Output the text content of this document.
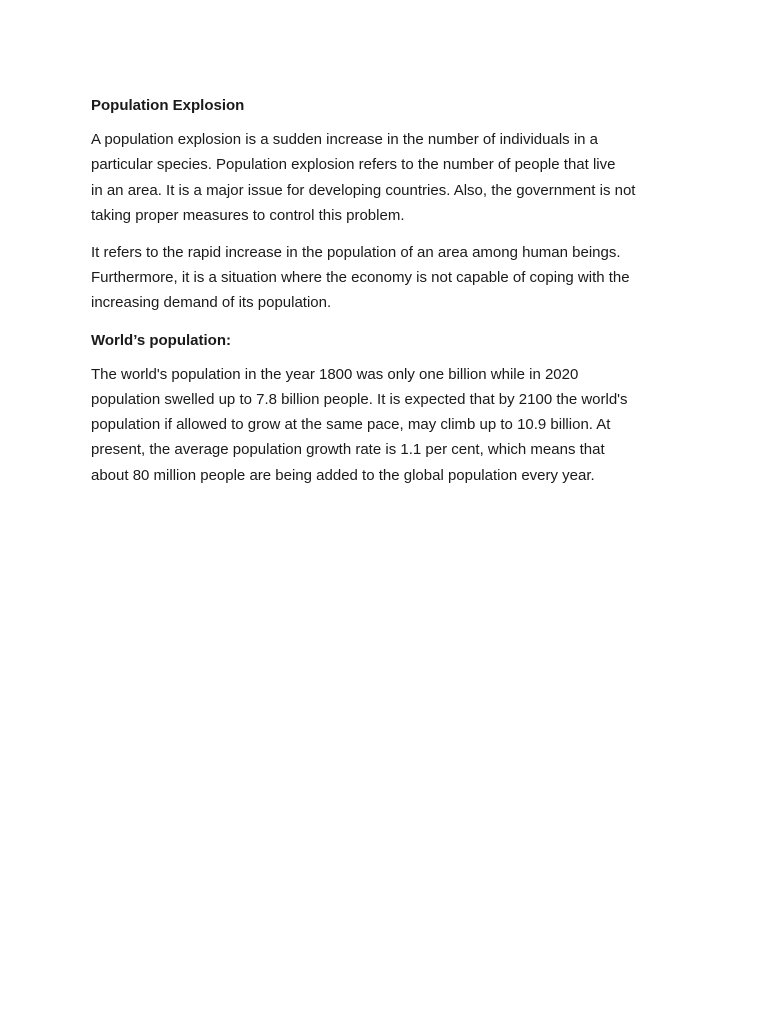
Population Explosion
A population explosion is a sudden increase in the number of individuals in a
particular species. Population explosion refers to the number of people that live
in an area. It is a major issue for developing countries. Also, the government is not
taking proper measures to control this problem.
It refers to the rapid increase in the population of an area among human beings.
Furthermore, it is a situation where the economy is not capable of coping with the
increasing demand of its population.
World’s population:
The world's population in the year 1800 was only one billion while in 2020
population swelled up to 7.8 billion people. It is expected that by 2100 the world's
population if allowed to grow at the same pace, may climb up to 10.9 billion. At
present, the average population growth rate is 1.1 per cent, which means that
about 80 million people are being added to the global population every year.
